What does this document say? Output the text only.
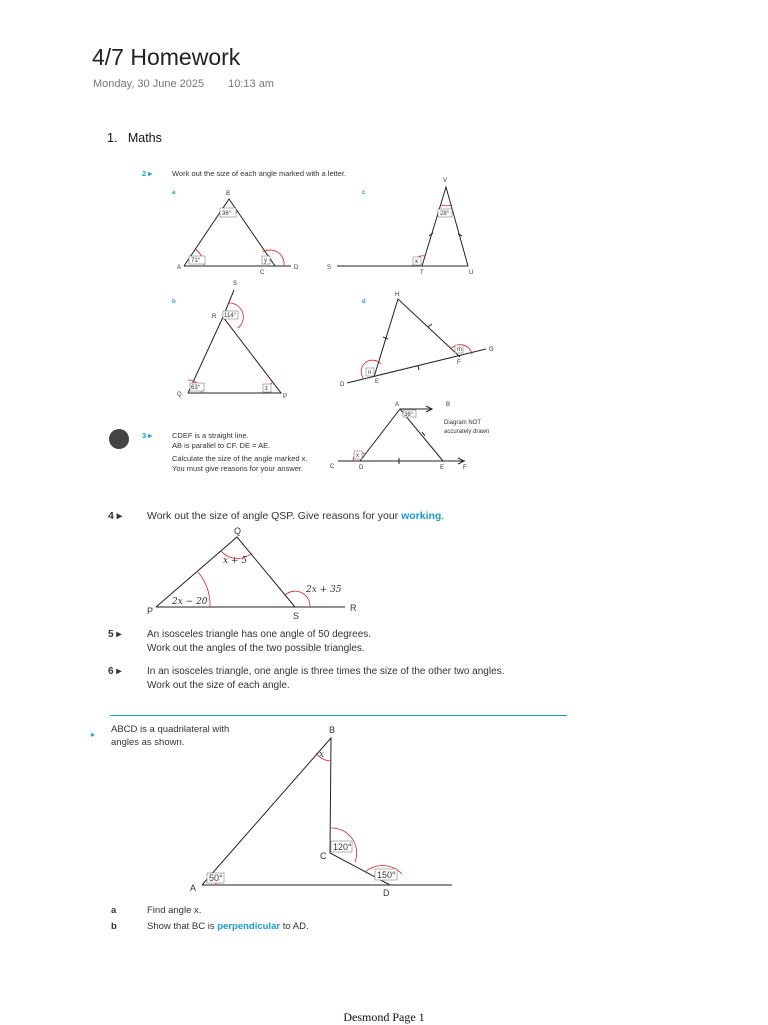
4/7 Homework
Monday, 30 June 2025 10:13 am
1.   Maths
2 ▸	Work out the size of each angle marked with a letter.
a	c
b	d
3 ▸	CDEF is a straight line.
AB is parallel to CF. DE = AE.
Calculate the size of the angle marked x.
You must give reasons for your answer.
Diagram NOT
accurately drawn
4 ▸ Work out the size of angle QSP. Give reasons for your working.
5 ▸	An isosceles triangle has one angle of 50 degrees.
Work out the angles of the two possible triangles.
6 ▸	In an isosceles triangle, one angle is three times the size of the other two angles.
Work out the size of each angle.
▸ ABCD is a quadrilateral with
angles as shown.
a	Find angle x.
b	Show that BC is perpendicular to AD.
Desmond Page 1
36°
71°	y
B
A
C
D
28°
x
V
S
T	U
114°
63°	z
S
R
Q	P
n
m
H
G
F
E
D
36°
x
A	B
C	D	E	F
x + 5
2x − 20
2x + 35
Q
P	S
R
50°
x
120°
150°
A
B
C
D
